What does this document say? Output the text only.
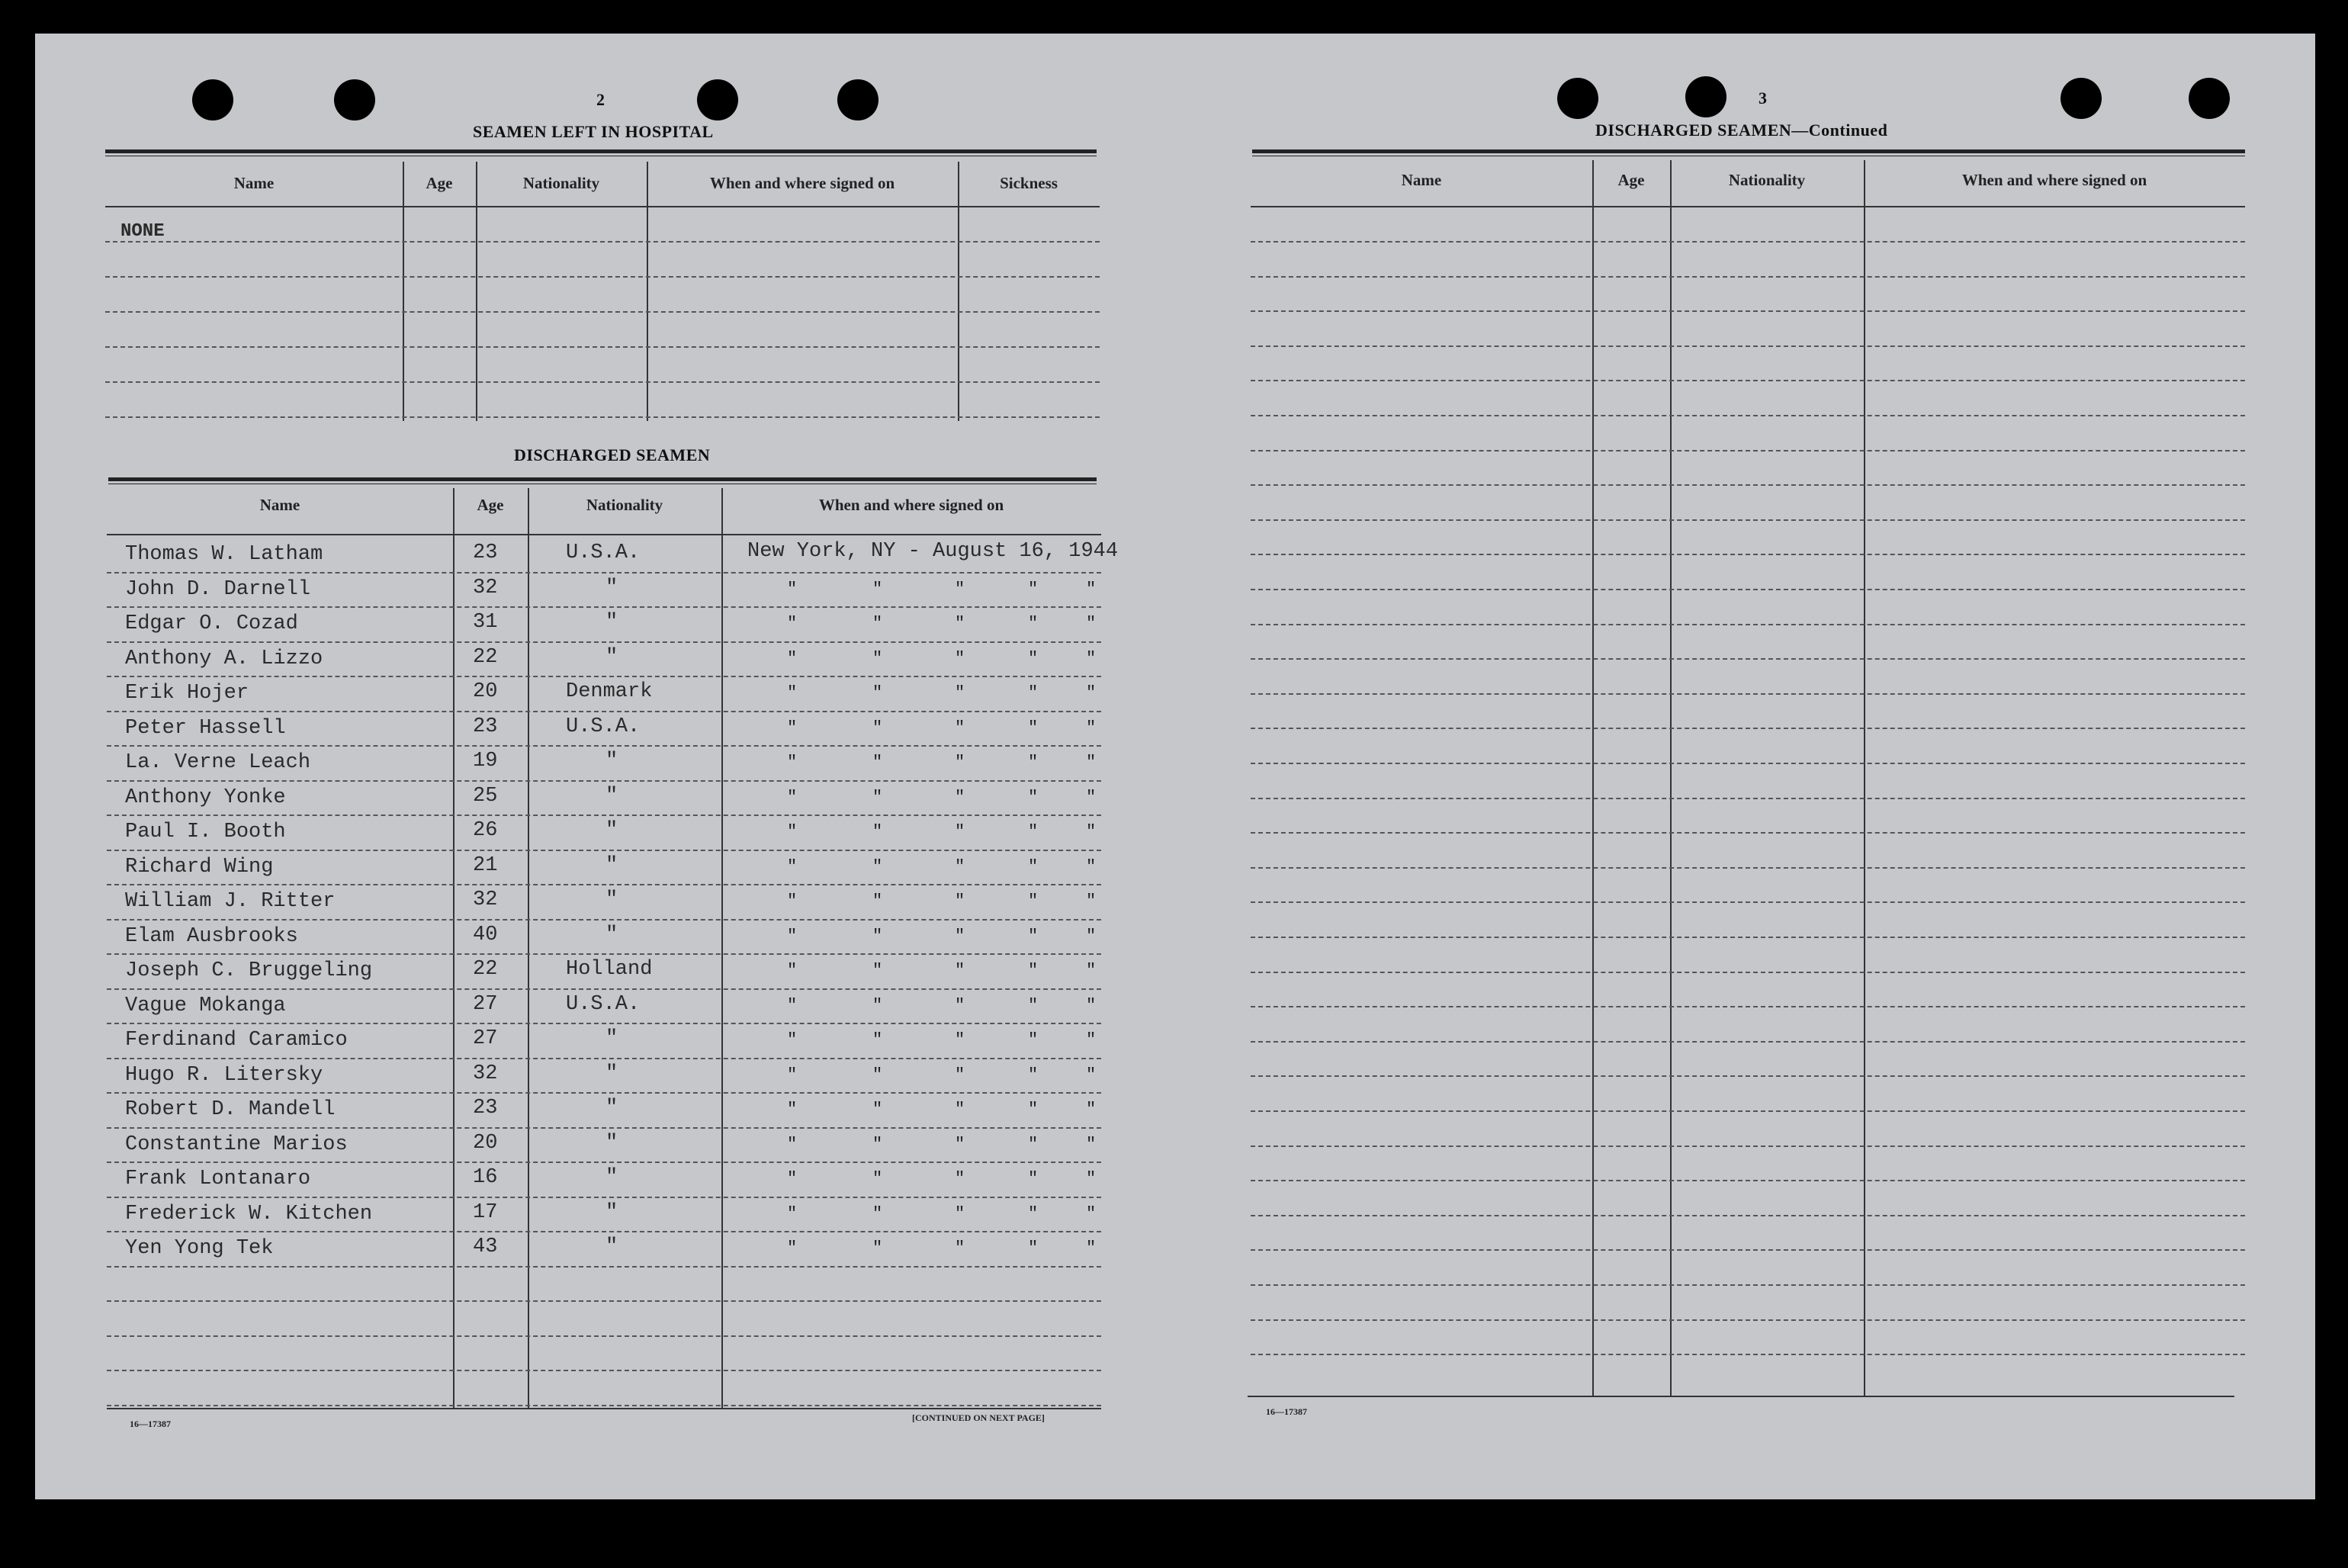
2
SEAMEN LEFT IN HOSPITAL
Name	Age	Nationality	When and where signed on	Sickness
NONE
DISCHARGED SEAMEN
Name	Age	Nationality	When and where signed on
Thomas W. Latham	23	U.S.A.	New York, NY - August 16, 1944
John D. Darnell	32	"	"	"	"	"	"
Edgar O. Cozad	31	"	"	"	"	"	"
Anthony A. Lizzo	22	"	"	"	"	"	"
Erik Hojer	20	Denmark	"	"	"	"	"
Peter Hassell	23	U.S.A.	"	"	"	"	"
La. Verne Leach	19	"	"	"	"	"	"
Anthony Yonke	25	"	"	"	"	"	"
Paul I. Booth	26	"	"	"	"	"	"
Richard Wing	21	"	"	"	"	"	"
William J. Ritter	32	"	"	"	"	"	"
Elam Ausbrooks	40	"	"	"	"	"	"
Joseph C. Bruggeling	22	Holland	"	"	"	"	"
Vague Mokanga	27	U.S.A.	"	"	"	"	"
Ferdinand Caramico	27	"	"	"	"	"	"
Hugo R. Litersky	32	"	"	"	"	"	"
Robert D. Mandell	23	"	"	"	"	"	"
Constantine Marios	20	"	"	"	"	"	"
Frank Lontanaro	16	"	"	"	"	"	"
Frederick W. Kitchen	17	"	"	"	"	"	"
Yen Yong Tek	43	"	"	"	"	"	"
16—17387
[CONTINUED ON NEXT PAGE]
3
DISCHARGED SEAMEN—Continued
Name	Age	Nationality	When and where signed on
16—17387
